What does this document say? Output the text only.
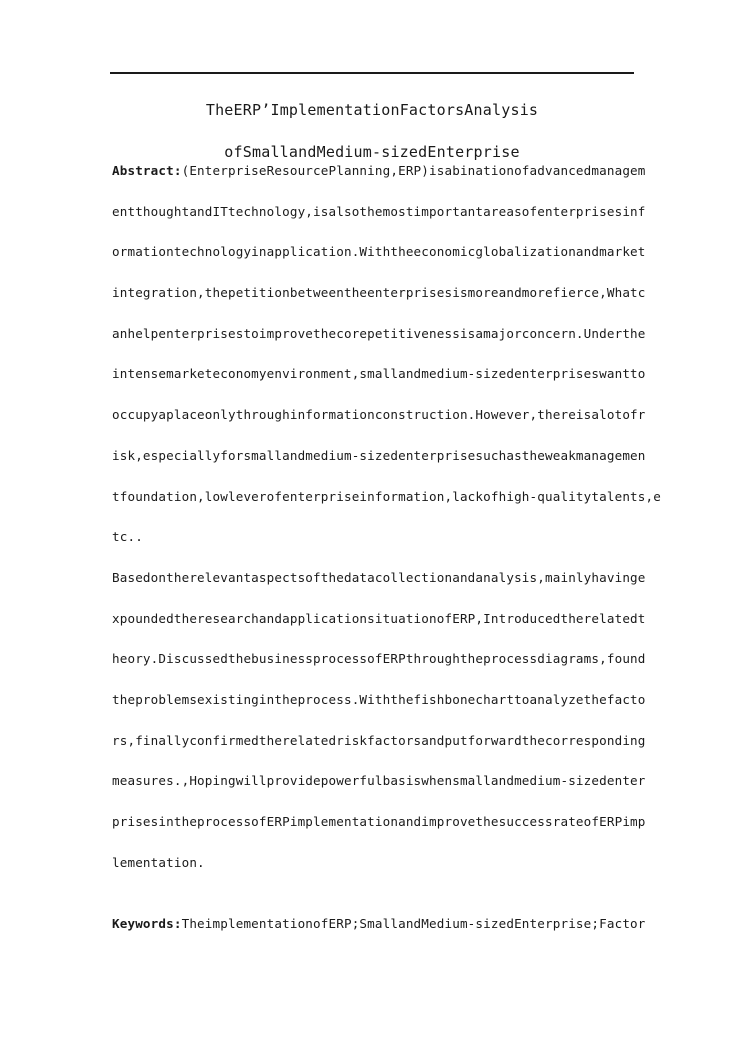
TheERP’ImplementationFactorsAnalysis
ofSmallandMedium-sizedEnterprise
Abstract:(EnterpriseResourcePlanning,ERP)isabinationofadvancedmanagem
entthoughtandITtechnology,isalsothemostimportantareasofenterprisesinf
ormationtechnologyinapplication.Withtheeconomicglobalizationandmarket
integration,thepetitionbetweentheenterprisesismoreandmorefierce,Whatc
anhelpenterprisestoimprovethecorepetitivenessisamajorconcern.Underthe
intensemarketeconomyenvironment,smallandmedium-sizedenterpriseswantto
occupyaplaceonlythroughinformationconstruction.However,thereisalotofr
isk,especiallyforsmallandmedium-sizedenterprisesuchastheweakmanagemen
tfoundation,lowleverofenterpriseinformation,lackofhigh-qualitytalents,e
tc..
Basedontherelevantaspectsofthedatacollectionandanalysis,mainlyhavinge
xpoundedtheresearchandapplicationsituationofERP,Introducedtherelatedt
heory.DiscussedthebusinessprocessofERPthroughtheprocessdiagrams,found
theproblemsexistingintheprocess.Withthefishbonecharttoanalyzethefacto
rs,finallyconfirmedtherelatedriskfactorsandputforwardthecorresponding
measures.,Hopingwillprovidepowerfulbasiswhensmallandmedium-sizedenter
prisesintheprocessofERPimplementationandimprovethesuccessrateofERPimp
lementation.
Keywords:TheimplementationofERP;SmallandMedium-sizedEnterprise;Factor
